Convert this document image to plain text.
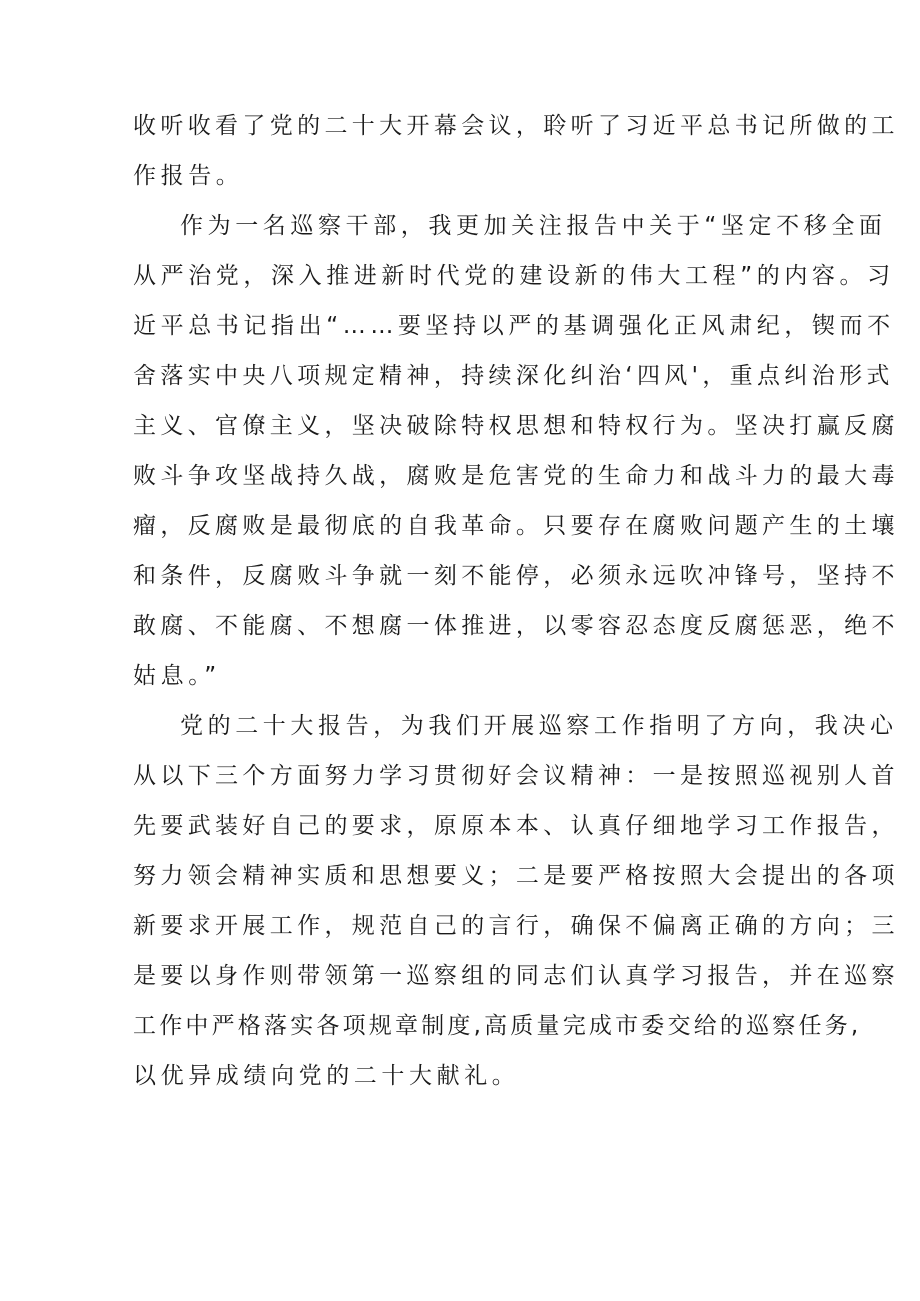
收听收看了党的二十大开幕会议，聆听了习近平总书记所做的工
作报告。
作为一名巡察干部，我更加关注报告中关于“坚定不移全面
从严治党，深入推进新时代党的建设新的伟大工程”的内容。习
近平总书记指出“……要坚持以严的基调强化正风肃纪，锲而不
舍落实中央八项规定精神，持续深化纠治‘四风'，重点纠治形式
主义、官僚主义，坚决破除特权思想和特权行为。坚决打赢反腐
败斗争攻坚战持久战，腐败是危害党的生命力和战斗力的最大毒
瘤，反腐败是最彻底的自我革命。只要存在腐败问题产生的土壤
和条件，反腐败斗争就一刻不能停，必须永远吹冲锋号，坚持不
敢腐、不能腐、不想腐一体推进，以零容忍态度反腐惩恶，绝不
姑息。”
党的二十大报告，为我们开展巡察工作指明了方向，我决心
从以下三个方面努力学习贯彻好会议精神：一是按照巡视别人首
先要武装好自己的要求，原原本本、认真仔细地学习工作报告，
努力领会精神实质和思想要义；二是要严格按照大会提出的各项
新要求开展工作，规范自己的言行，确保不偏离正确的方向；三
是要以身作则带领第一巡察组的同志们认真学习报告，并在巡察
工作中严格落实各项规章制度,高质量完成市委交给的巡察任务,
以优异成绩向党的二十大献礼。
